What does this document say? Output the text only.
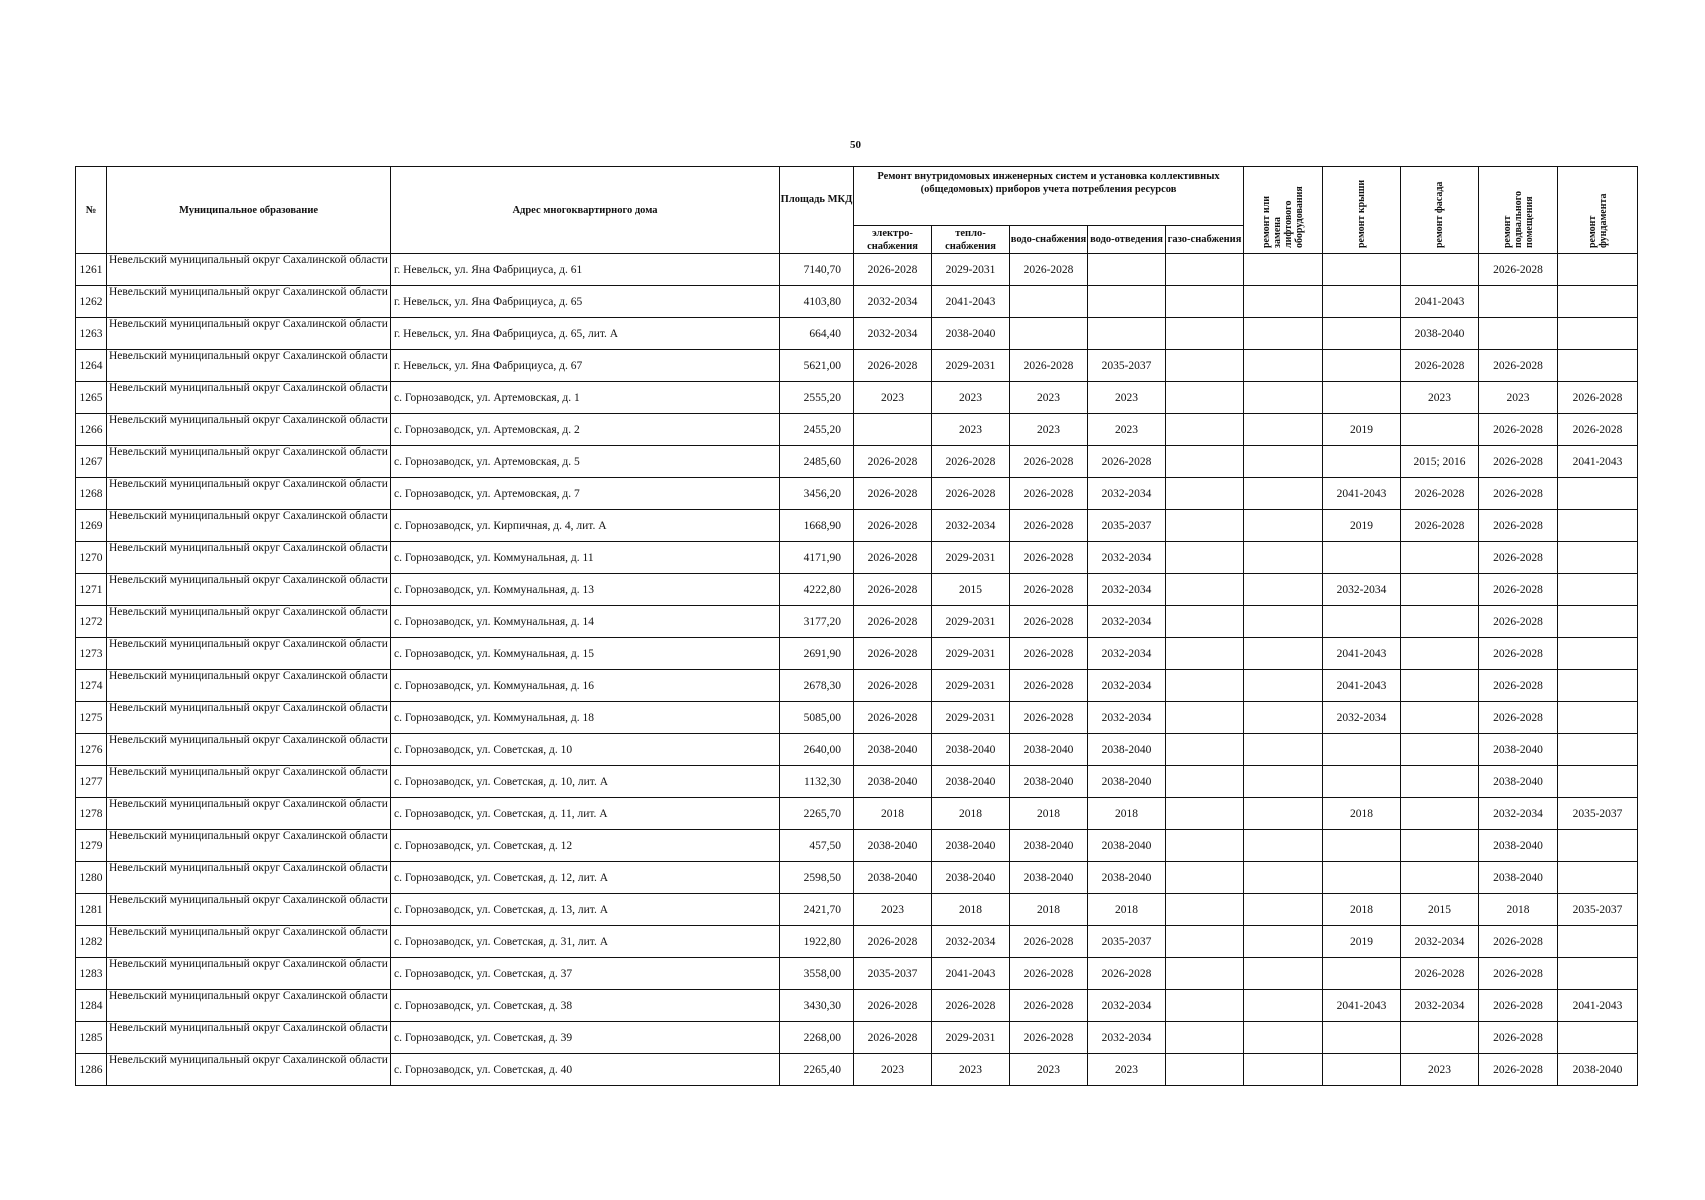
50
№	Муниципальное образование	Адрес многоквартирного дома	Площадь МКД	Ремонт внутридомовых инженерных систем и установка коллективных (общедомовых) приборов учета потребления ресурсов					ремонт или замена лифтового оборудования	ремонт крыши	ремонт фасада	ремонт подвального помещения	ремонт фундамента

				электро-снабжения	тепло-снабжения	водо-снабжения	водо-отведения	газо-снабжения					
1261	Невельский муниципальный округ Сахалинской области	г. Невельск, ул. Яна Фабрициуса, д. 61	7140,70	2026-2028	2029-2031	2026-2028						2026-2028	
1262	Невельский муниципальный округ Сахалинской области	г. Невельск, ул. Яна Фабрициуса, д. 65	4103,80	2032-2034	2041-2043						2041-2043		
1263	Невельский муниципальный округ Сахалинской области	г. Невельск, ул. Яна Фабрициуса, д. 65, лит. А	664,40	2032-2034	2038-2040						2038-2040		
1264	Невельский муниципальный округ Сахалинской области	г. Невельск, ул. Яна Фабрициуса, д. 67	5621,00	2026-2028	2029-2031	2026-2028	2035-2037				2026-2028	2026-2028	
1265	Невельский муниципальный округ Сахалинской области	с. Горнозаводск, ул. Артемовская, д. 1	2555,20	2023	2023	2023	2023				2023	2023	2026-2028
1266	Невельский муниципальный округ Сахалинской области	с. Горнозаводск, ул. Артемовская, д. 2	2455,20		2023	2023	2023			2019		2026-2028	2026-2028
1267	Невельский муниципальный округ Сахалинской области	с. Горнозаводск, ул. Артемовская, д. 5	2485,60	2026-2028	2026-2028	2026-2028	2026-2028				2015; 2016	2026-2028	2041-2043
1268	Невельский муниципальный округ Сахалинской области	с. Горнозаводск, ул. Артемовская, д. 7	3456,20	2026-2028	2026-2028	2026-2028	2032-2034			2041-2043	2026-2028	2026-2028	
1269	Невельский муниципальный округ Сахалинской области	с. Горнозаводск, ул. Кирпичная, д. 4, лит. А	1668,90	2026-2028	2032-2034	2026-2028	2035-2037			2019	2026-2028	2026-2028	
1270	Невельский муниципальный округ Сахалинской области	с. Горнозаводск, ул. Коммунальная, д. 11	4171,90	2026-2028	2029-2031	2026-2028	2032-2034					2026-2028	
1271	Невельский муниципальный округ Сахалинской области	с. Горнозаводск, ул. Коммунальная, д. 13	4222,80	2026-2028	2015	2026-2028	2032-2034			2032-2034		2026-2028	
1272	Невельский муниципальный округ Сахалинской области	с. Горнозаводск, ул. Коммунальная, д. 14	3177,20	2026-2028	2029-2031	2026-2028	2032-2034					2026-2028	
1273	Невельский муниципальный округ Сахалинской области	с. Горнозаводск, ул. Коммунальная, д. 15	2691,90	2026-2028	2029-2031	2026-2028	2032-2034			2041-2043		2026-2028	
1274	Невельский муниципальный округ Сахалинской области	с. Горнозаводск, ул. Коммунальная, д. 16	2678,30	2026-2028	2029-2031	2026-2028	2032-2034			2041-2043		2026-2028	
1275	Невельский муниципальный округ Сахалинской области	с. Горнозаводск, ул. Коммунальная, д. 18	5085,00	2026-2028	2029-2031	2026-2028	2032-2034			2032-2034		2026-2028	
1276	Невельский муниципальный округ Сахалинской области	с. Горнозаводск, ул. Советская, д. 10	2640,00	2038-2040	2038-2040	2038-2040	2038-2040					2038-2040	
1277	Невельский муниципальный округ Сахалинской области	с. Горнозаводск, ул. Советская, д. 10, лит. А	1132,30	2038-2040	2038-2040	2038-2040	2038-2040					2038-2040	
1278	Невельский муниципальный округ Сахалинской области	с. Горнозаводск, ул. Советская, д. 11, лит. А	2265,70	2018	2018	2018	2018			2018		2032-2034	2035-2037
1279	Невельский муниципальный округ Сахалинской области	с. Горнозаводск, ул. Советская, д. 12	457,50	2038-2040	2038-2040	2038-2040	2038-2040					2038-2040	
1280	Невельский муниципальный округ Сахалинской области	с. Горнозаводск, ул. Советская, д. 12, лит. А	2598,50	2038-2040	2038-2040	2038-2040	2038-2040					2038-2040	
1281	Невельский муниципальный округ Сахалинской области	с. Горнозаводск, ул. Советская, д. 13, лит. А	2421,70	2023	2018	2018	2018			2018	2015	2018	2035-2037
1282	Невельский муниципальный округ Сахалинской области	с. Горнозаводск, ул. Советская, д. 31, лит. А	1922,80	2026-2028	2032-2034	2026-2028	2035-2037			2019	2032-2034	2026-2028	
1283	Невельский муниципальный округ Сахалинской области	с. Горнозаводск, ул. Советская, д. 37	3558,00	2035-2037	2041-2043	2026-2028	2026-2028				2026-2028	2026-2028	
1284	Невельский муниципальный округ Сахалинской области	с. Горнозаводск, ул. Советская, д. 38	3430,30	2026-2028	2026-2028	2026-2028	2032-2034			2041-2043	2032-2034	2026-2028	2041-2043
1285	Невельский муниципальный округ Сахалинской области	с. Горнозаводск, ул. Советская, д. 39	2268,00	2026-2028	2029-2031	2026-2028	2032-2034					2026-2028	
1286	Невельский муниципальный округ Сахалинской области	с. Горнозаводск, ул. Советская, д. 40	2265,40	2023	2023	2023	2023				2023	2026-2028	2038-2040
